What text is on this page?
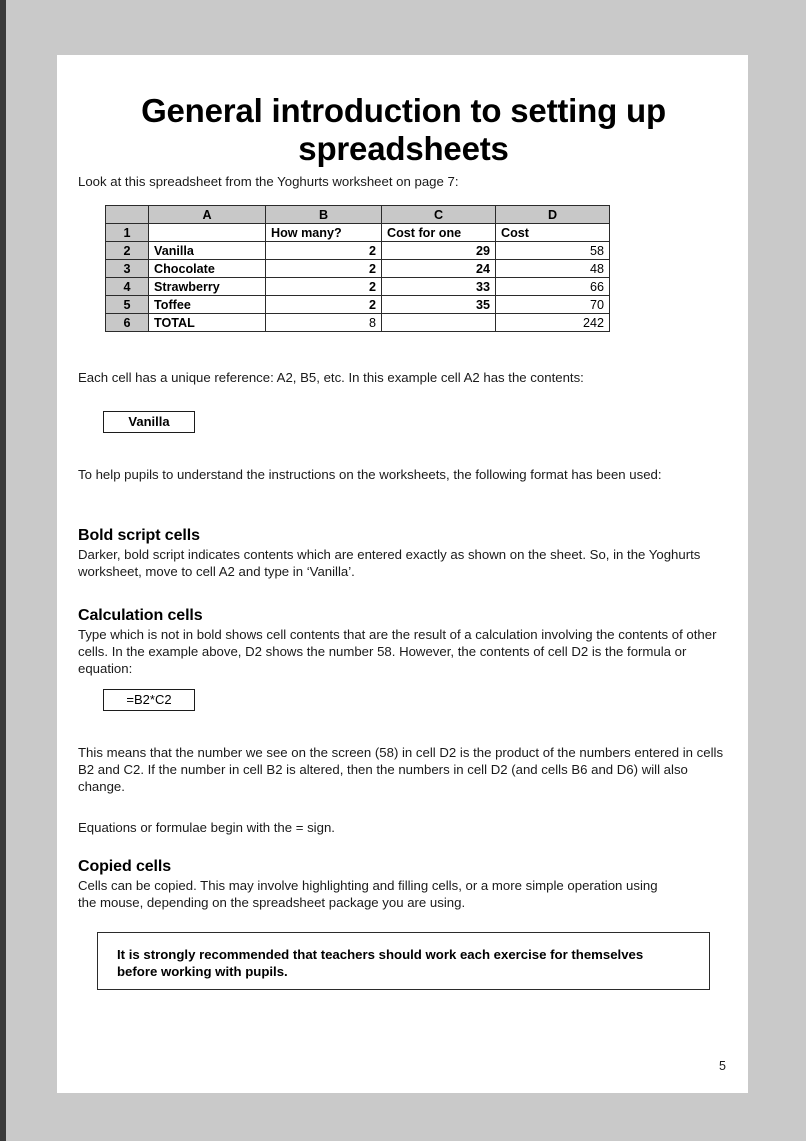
General introduction to setting up spreadsheets

Look at this spreadsheet from the Yoghurts worksheet on page 7:

	A	B	C	D
1		How many?	Cost for one	Cost
2	Vanilla	2	29	58
3	Chocolate	2	24	48
4	Strawberry	2	33	66
5	Toffee	2	35	70
6	TOTAL	8		242

Each cell has a unique reference: A2, B5, etc. In this example cell A2 has the contents:

Vanilla

To help pupils to understand the instructions on the worksheets, the following format has been used:

Bold script cells

Darker, bold script indicates contents which are entered exactly as shown on the sheet. So, in the Yoghurts worksheet, move to cell A2 and type in ‘Vanilla’.

Calculation cells

Type which is not in bold shows cell contents that are the result of a calculation involving the contents of other cells. In the example above, D2 shows the number 58. However, the contents of cell D2 is the formula or equation:

=B2*C2

This means that the number we see on the screen (58) in cell D2 is the product of the numbers entered in cells B2 and C2. If the number in cell B2 is altered, then the numbers in cell D2 (and cells B6 and D6) will also change.

Equations or formulae begin with the = sign.

Copied cells

Cells can be copied. This may involve highlighting and filling cells, or a more simple operation using the mouse, depending on the spreadsheet package you are using.

It is strongly recommended that teachers should work each exercise for themselves before working with pupils.
5
